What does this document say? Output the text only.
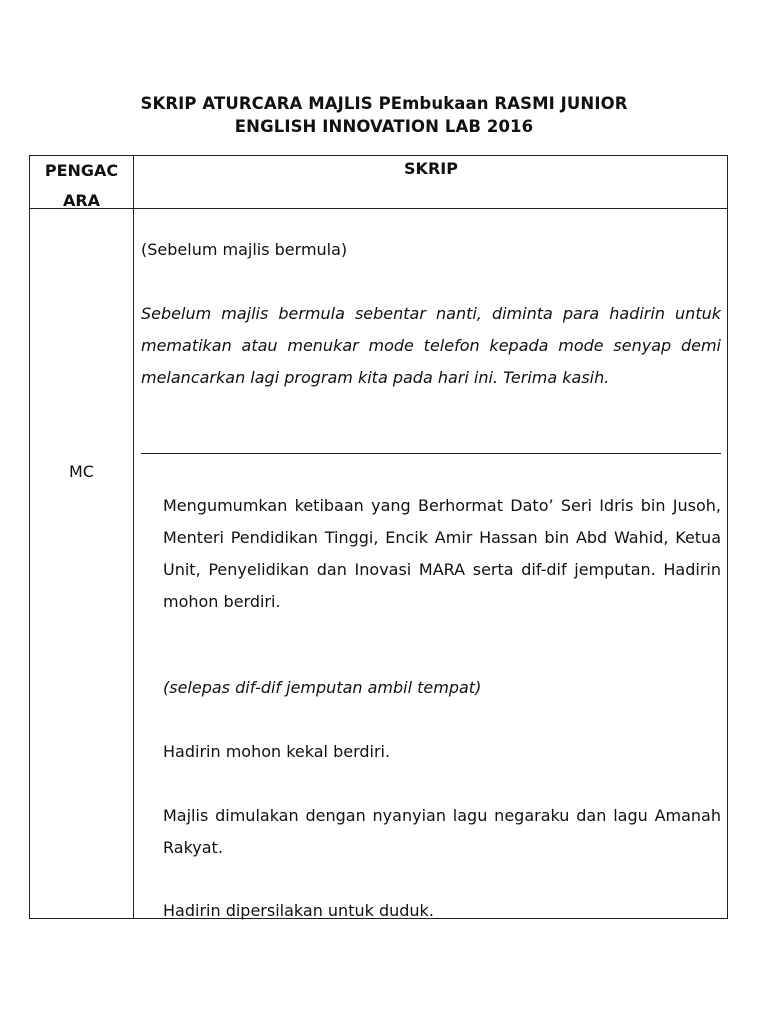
SKRIP ATURCARA MAJLIS PEmbukaan RASMI JUNIOR
ENGLISH INNOVATION LAB 2016
PENGAC
ARA
SKRIP
MC
(Sebelum majlis bermula)
Sebelum majlis bermula sebentar nanti, diminta para hadirin untuk mematikan atau menukar mode telefon kepada mode senyap demi melancarkan lagi program kita pada hari ini. Terima kasih.
Mengumumkan ketibaan yang Berhormat Dato’ Seri Idris bin Jusoh, Menteri Pendidikan Tinggi, Encik Amir Hassan bin Abd Wahid, Ketua Unit, Penyelidikan dan Inovasi MARA serta dif-dif jemputan. Hadirin mohon berdiri.
(selepas dif-dif jemputan ambil tempat)
Hadirin mohon kekal berdiri.
Majlis dimulakan dengan nyanyian lagu negaraku dan lagu Amanah Rakyat.
Hadirin dipersilakan untuk duduk.
